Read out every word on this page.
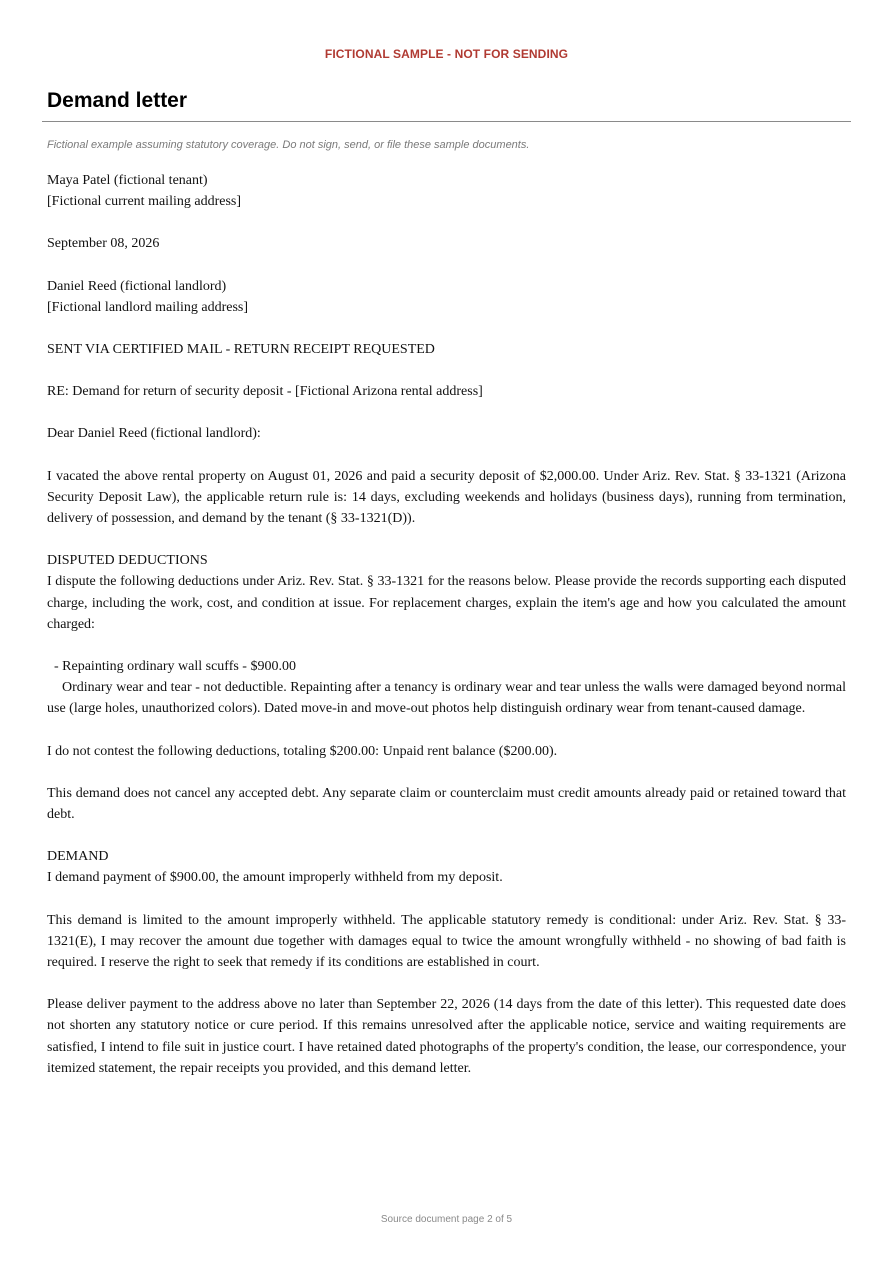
FICTIONAL SAMPLE - NOT FOR SENDING
Demand letter
Fictional example assuming statutory coverage. Do not sign, send, or file these sample documents.

Maya Patel (fictional tenant)
[Fictional current mailing address]

September 08, 2026

Daniel Reed (fictional landlord)
[Fictional landlord mailing address]

SENT VIA CERTIFIED MAIL - RETURN RECEIPT REQUESTED

RE: Demand for return of security deposit - [Fictional Arizona rental address]

Dear Daniel Reed (fictional landlord):

I vacated the above rental property on August 01, 2026 and paid a security deposit of $2,000.00. Under Ariz. Rev. Stat. § 33-1321 (Arizona Security Deposit Law), the applicable return rule is: 14 days, excluding weekends and holidays (business days), running from termination, delivery of possession, and demand by the tenant (§ 33-1321(D)).

DISPUTED DEDUCTIONS

I dispute the following deductions under Ariz. Rev. Stat. § 33-1321 for the reasons below. Please provide the records supporting each disputed charge, including the work, cost, and condition at issue. For replacement charges, explain the item's age and how you calculated the amount charged:

- Repainting ordinary wall scuffs - $900.00

Ordinary wear and tear - not deductible. Repainting after a tenancy is ordinary wear and tear unless the walls were damaged beyond normal use (large holes, unauthorized colors). Dated move-in and move-out photos help distinguish ordinary wear from tenant-caused damage.

I do not contest the following deductions, totaling $200.00: Unpaid rent balance ($200.00).

This demand does not cancel any accepted debt. Any separate claim or counterclaim must credit amounts already paid or retained toward that debt.

DEMAND

I demand payment of $900.00, the amount improperly withheld from my deposit.

This demand is limited to the amount improperly withheld. The applicable statutory remedy is conditional: under Ariz. Rev. Stat. § 33-1321(E), I may recover the amount due together with damages equal to twice the amount wrongfully withheld - no showing of bad faith is required. I reserve the right to seek that remedy if its conditions are established in court.

Please deliver payment to the address above no later than September 22, 2026 (14 days from the date of this letter). This requested date does not shorten any statutory notice or cure period. If this remains unresolved after the applicable notice, service and waiting requirements are satisfied, I intend to file suit in justice court. I have retained dated photographs of the property's condition, the lease, our correspondence, your itemized statement, the repair receipts you provided, and this demand letter.

Source document page 2 of 5
